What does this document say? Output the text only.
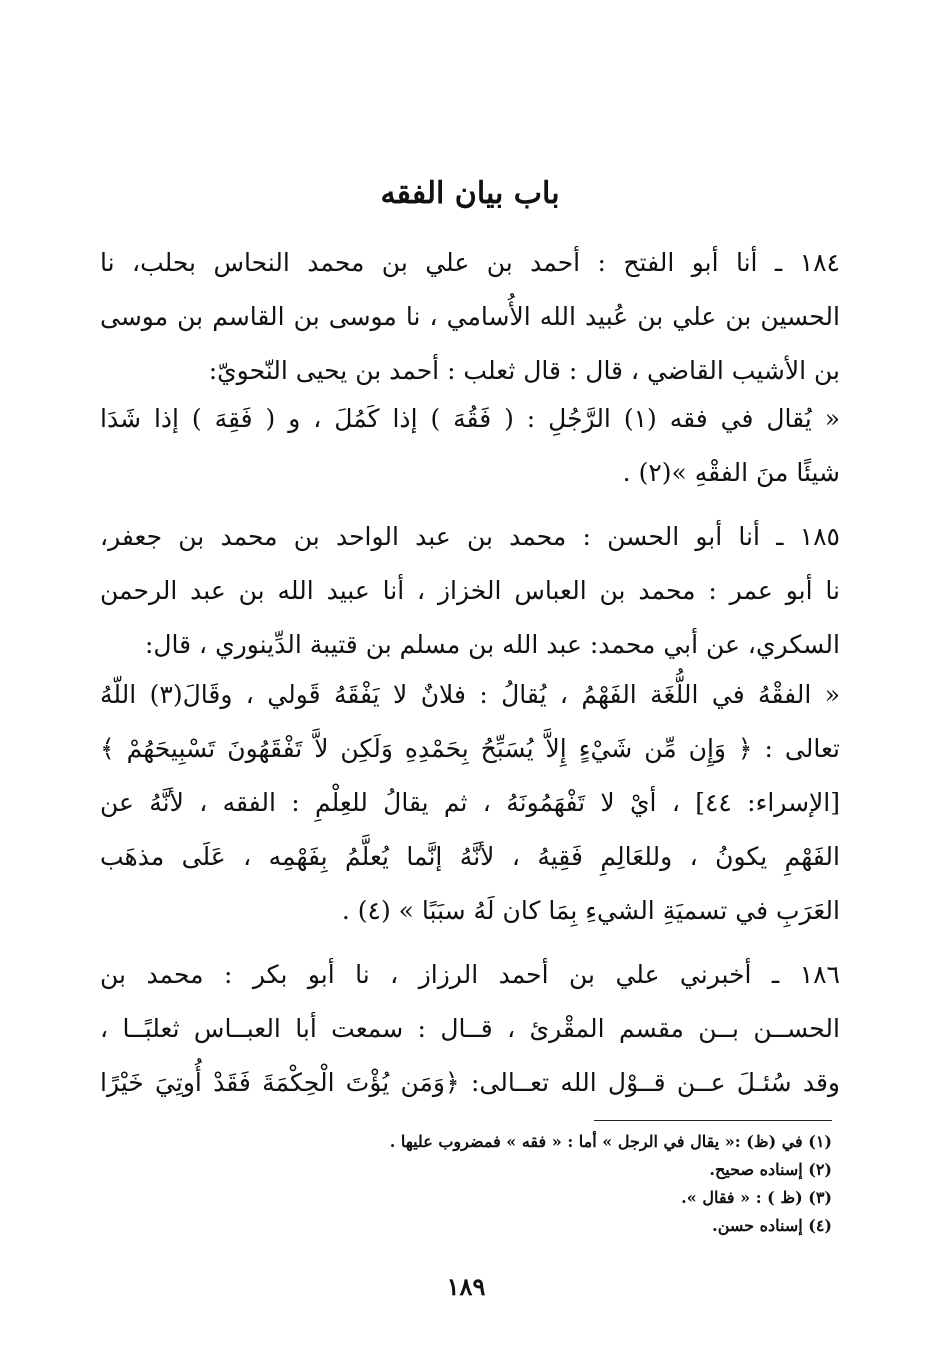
باب بيان الفقه
١٨٤ ـ أنا أبو الفتح : أحمد بن علي بن محمد النحاس بحلب، نا
الحسين بن علي بن عُبيد الله الأُسامي ، نا موسى بن القاسم بن موسى
بن الأشيب القاضي ، قال : قال ثعلب : أحمد بن يحيى النّحويّ:
« يُقال في فقه (١) الرَّجُلِ : ( فَقُهَ ) إذا كَمُلَ ، و ( فَقِهَ ) إذا شَدَا
شيئًا منَ الفقْهِ »(٢) .
١٨٥ ـ أنا أبو الحسن : محمد بن عبد الواحد بن محمد بن جعفر،
نا أبو عمر : محمد بن العباس الخزاز ، أنا عبيد الله بن عبد الرحمن
السكري، عن أبي محمد: عبد الله بن مسلم بن قتيبة الدِّينوري ، قال:
« الفقْهُ في اللُّغَة الفَهْمُ ، يُقالُ : فلانٌ لا يَفْقَهُ قَولي ، وقَالَ(٣) اللّهُ
تعالى : ﴿ وَإِن مِّن شَيْءٍ إِلاَّ يُسَبِّحُ بِحَمْدِهِ وَلَكِن لاَّ تَفْقَهُونَ تَسْبِيحَهُمْ ﴾
[الإسراء: ٤٤] ، أيْ لا تَفْهَمُونَهُ ، ثم يقالُ للعِلْمِ : الفقه ، لأنَّهُ عن
الفَهْمِ يكونُ ، وللعَالِمِ فَقِيهُ ، لأنَّهُ إنَّما يُعلَّمُ بِفَهْمِه ، عَلَى مذهَب
العَرَبِ في تسميَةِ الشيءِ بِمَا كان لَهُ سبَبًا » (٤) .
١٨٦ ـ أخبرني علي بن أحمد الرزاز ، نا أبو بكر : محمد بن
الحســن بــن مقسم المقْرئ ، قــال : سمعت أبا العبــاس ثعلبًــا ،
وقد سُئـلَ عــن قــوْل الله تعــالى: ﴿وَمَن يُؤْتَ الْحِكْمَةَ فَقَدْ أُوتِيَ خَيْرًا
(١) في (ظ) :« يقال في الرجل » أما : « فقه » فمضروب عليها .
(٢) إسناده صحيح.
(٣) (ظ ) : « فقال ».
(٤) إسناده حسن.
١٨٩
